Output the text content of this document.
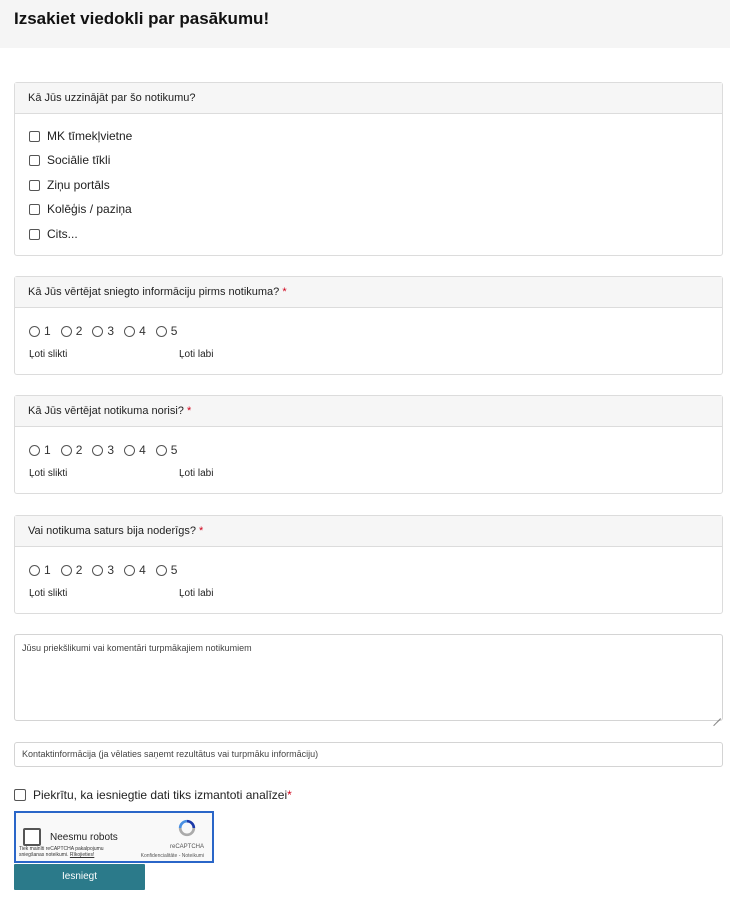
Izsakiet viedokli par pasākumu!
Kā Jūs uzzinājāt par šo notikumu?
MK tīmekļvietne
Sociālie tīkli
Ziņu portāls
Kolēģis / paziņa
Cits...
Kā Jūs vērtējat sniegto informāciju pirms notikuma? *
1 2 3 4 5
Ļoti slikti	Ļoti labi
Kā Jūs vērtējat notikuma norisi? *
1 2 3 4 5
Ļoti slikti	Ļoti labi
Vai notikuma saturs bija noderīgs? *
1 2 3 4 5
Ļoti slikti	Ļoti labi
Jūsu priekšlikumi vai komentāri turpmākajiem notikumiem
Kontaktinformācija (ja vēlaties saņemt rezultātus vai turpmāku informāciju)
Piekrītu, ka iesniegtie dati tiks izmantoti analīzei *
Neesmu robots
reCAPTCHA
Tiek mainīti reCAPTCHA pakalpojumu sniegšanas noteikumi. Rīkojieties!	Konfidencialitāte - Noteikumi
Iesniegt
